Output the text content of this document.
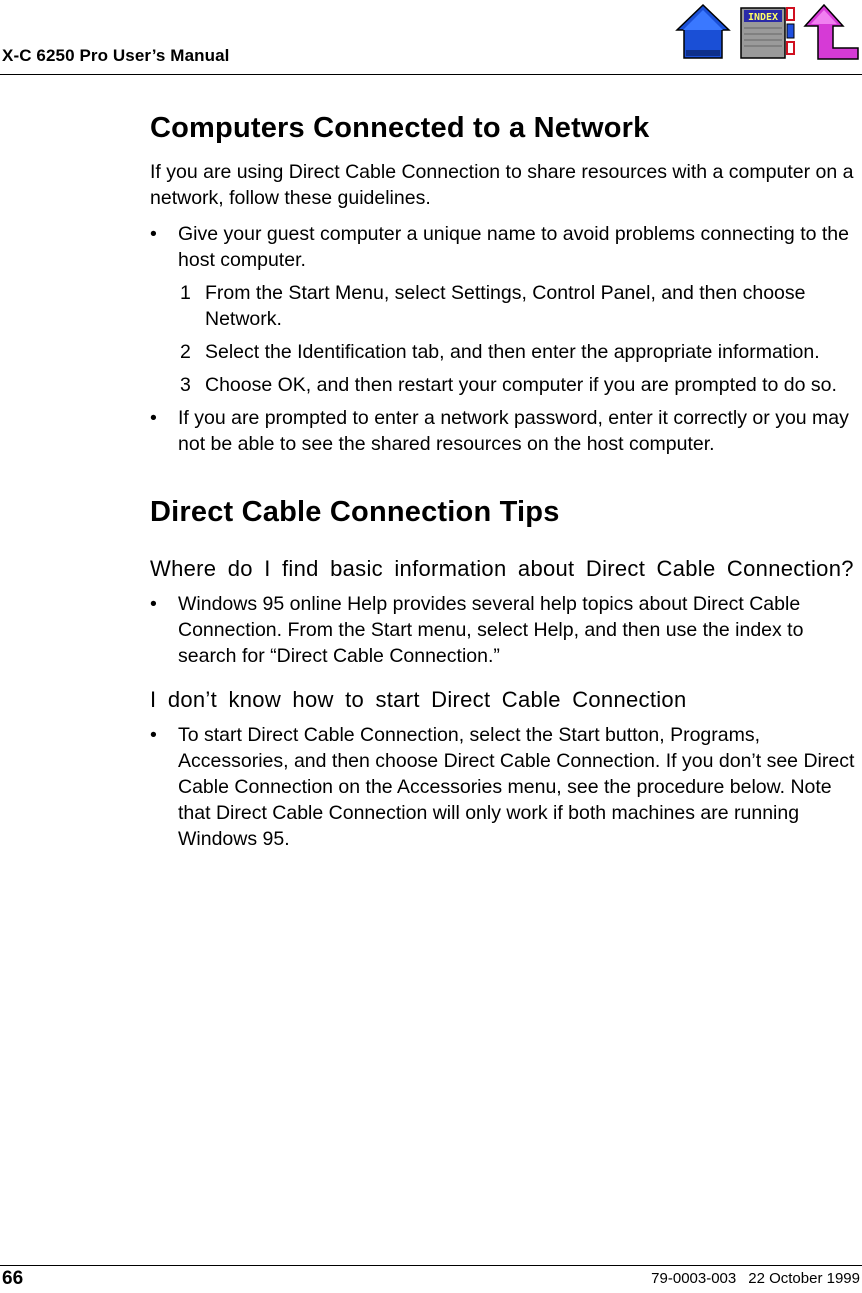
X-C 6250 Pro User’s Manual
INDEX
Computers Connected to a Network

If you are using Direct Cable Connection to share resources with a computer on a network, follow these guidelines.

• Give your guest computer a unique name to avoid problems connecting to the host computer.
1 From the Start Menu, select Settings, Control Panel, and then choose Network.
2 Select the Identification tab, and then enter the appropriate information.
3 Choose OK, and then restart your computer if you are prompted to do so.
• If you are prompted to enter a network password, enter it correctly or you may not be able to see the shared resources on the host computer.
Direct Cable Connection Tips
Where do I find basic information about Direct Cable Connection?
• Windows 95 online Help provides several help topics about Direct Cable Connection. From the Start menu, select Help, and then use the index to search for “Direct Cable Connection.”
I don’t know how to start Direct Cable Connection
• To start Direct Cable Connection, select the Start button, Programs, Accessories, and then choose Direct Cable Connection. If you don’t see Direct Cable Connection on the Accessories menu, see the procedure below. Note that Direct Cable Connection will only work if both machines are running Windows 95.
66	79-0003-003 22 October 1999
